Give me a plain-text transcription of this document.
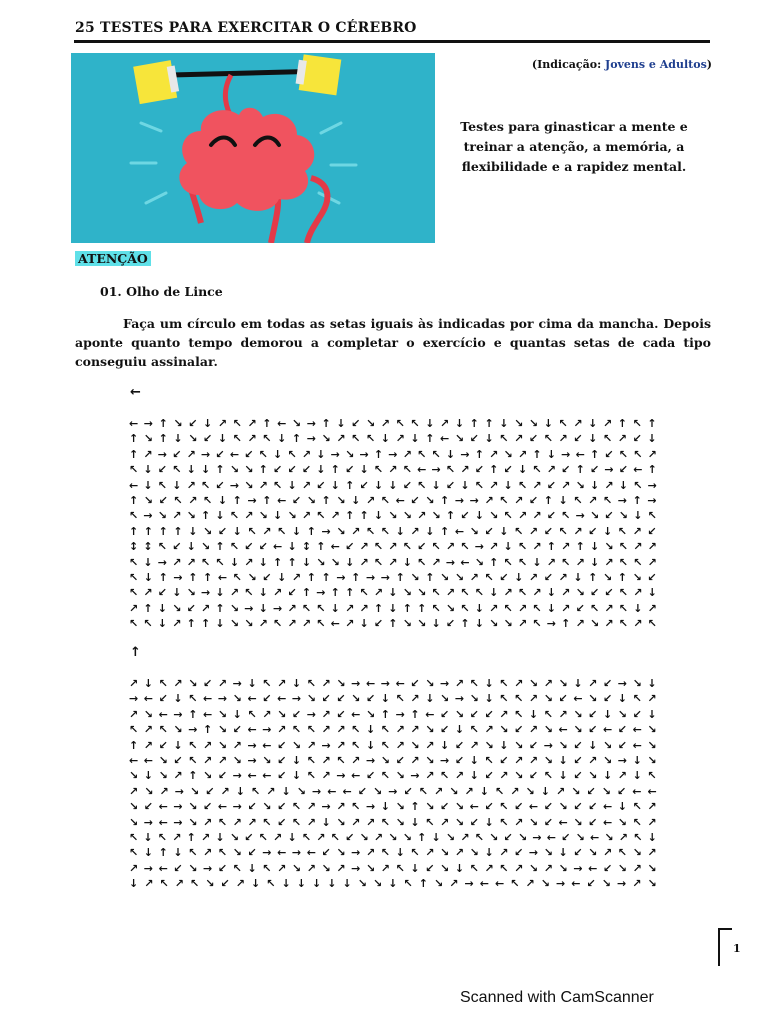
25 TESTES PARA EXERCITAR O CÉREBRO
(Indicação: Jovens e Adultos)
Testes para ginasticar a mente e treinar a atenção, a memória, a flexibilidade e a rapidez mental.
ATENÇÃO
01. Olho de Lince
Faça um círculo em todas as setas iguais às indicadas por cima da mancha. Depois aponte quanto tempo demorou a completar o exercício e quantas setas de cada tipo conseguiu assinalar.
←
← → ↑ ↘ ↙ ↓ ↗ ↖ ↗ ↑ ← ↘ → ↑ ↓ ↙ ↘ ↗ ↖ ↖ ↓ ↗ ↓ ↑ ↑ ↓ ↘ ↘ ↓ ↖ ↗ ↓ ↗ ↑ ↖ ↑
↑ ↘ ↑ ↓ ↘ ↙ ↓ ↖ ↗ ↖ ↓ ↑ → ↘ ↗ ↖ ↖ ↓ ↗ ↓ ↑ ← ↘ ↙ ↓ ↖ ↗ ↙ ↖ ↗ ↙ ↓ ↖ ↗ ↙ ↓
↑ ↗ → ↙ ↗ → ↙ ← ↙ ↖ ↓ ↖ ↗ ↓ → ↘ → ↑ → ↗ ↖ ↖ ↓ → ↑ ↗ ↘ ↗ ↑ ↓ → ← ↑ ↙ ↖ ↖ ↗
↖ ↓ ↙ ↖ ↓ ↓ ↑ ↘ ↘ ↑ ↙ ↙ ↙ ↓ ↑ ↙ ↓ ↖ ↗ ↖ ← → ↖ ↗ ↙ ↑ ↙ ↓ ↖ ↗ ↙ ↑ ↙ → ↙ ← ↑
← ↓ ↖ ↓ ↗ ↖ ↙ → ↘ ↗ ↖ ↓ ↗ ↙ ↓ ↑ ↙ ↓ ↓ ↙ ↖ ↓ ↙ ↓ ↖ ↗ ↓ ↖ ↗ ↙ ↗ ↘ ↓ ↗ ↓ ↖ →
↑ ↘ ↙ ↖ ↗ ↖ ↓ ↑ → ↑ ← ↙ ↘ ↑ ↘ ↓ ↗ ↖ ← ↙ ↘ ↑ → → ↗ ↖ ↗ ↙ ↑ ↓ ↖ ↗ ↖ → ↑ →
↖ → ↘ ↗ ↘ ↑ ↓ ↖ ↗ ↘ ↓ ↘ ↗ ↖ ↗ ↑ ↑ ↓ ↘ ↘ ↗ ↘ ↑ ↙ ↓ ↘ ↖ ↗ ↗ ↙ ↖ → ↘ ↙ ↘ ↓ ↖
↑ ↑ ↑ ↑ ↓ ↘ ↙ ↓ ↖ ↗ ↖ ↓ ↑ → ↘ ↗ ↖ ↖ ↓ ↗ ↓ ↑ ← ↘ ↙ ↓ ↖ ↗ ↙ ↖ ↗ ↙ ↓ ↖ ↗ ↙
↕ ↕ ↖ ↙ ↓ ↘ ↑ ↖ ↙ ↙ ← ↓ ↕ ↑ ← ↙ ↗ ↖ ↗ ↖ ↙ ↖ ↗ ↖ → ↗ ↓ ↖ ↗ ↑ ↗ ↑ ↓ ↘ ↖ ↗ ↗
↖ ↓ → ↗ ↗ ↖ ↖ ↓ ↗ ↓ ↑ ↑ ↓ ↘ ↘ ↓ ↗ ↖ ↗ ↓ ↖ ↗ → ← ↘ ↑ ↖ ↖ ↓ ↗ ↖ ↗ ↓ ↗ ↖ ↖ ↗
↖ ↓ ↑ → ↑ ↑ ← ↖ ↘ ↙ ↓ ↗ ↑ ↑ → ↑ → → ↑ ↘ ↑ ↘ ↘ ↗ ↖ ↙ ↓ ↗ ↙ ↗ ↓ ↑ ↘ ↑ ↘ ↙
↖ ↗ ↙ ↓ ↘ → ↓ ↗ ↖ ↓ ↗ ↙ ↑ → ↑ ↑ ↖ ↗ ↓ ↘ ↘ ↖ ↗ ↖ ↖ ↓ ↗ ↖ ↗ ↓ ↗ ↘ ↙ ↙ ↖ ↗ ↓
↗ ↑ ↓ ↘ ↙ ↗ ↑ ↘ → ↓ → ↗ ↖ ↖ ↓ ↗ ↗ ↑ ↓ ↑ ↑ ↖ ↘ ↖ ↓ ↗ ↖ ↗ ↖ ↓ ↗ ↙ ↖ ↗ ↖ ↓ ↗
↖ ↖ ↓ ↗ ↑ ↑ ↓ ↘ ↘ ↗ ↖ ↗ ↗ ↖ ← ↗ ↓ ↙ ↑ ↘ ↘ ↓ ↙ ↑ ↓ ↘ ↘ ↗ ↖ → ↑ ↗ ↘ ↗ ↖ ↗ ↖
↑
↗ ↓ ↖ ↗ ↘ ↙ ↗ → ↓ ↖ ↗ ↓ ↖ ↗ ↘ → ← → ← ↙ ↘ → ↗ ↖ ↓ ↖ ↗ ↘ ↗ ↘ ↓ ↗ ↙ → ↘ ↓
→ ← ↙ ↓ ↖ ← → ↘ ← ↙ ← → ↘ ↙ ↙ ↘ ↙ ↓ ↖ ↗ ↓ ↘ → ↘ ↓ ↖ ↖ ↗ ↘ ↙ ← ↘ ↙ ↓ ↖ ↗
↗ ↘ ← → ↑ ← ↘ ↓ ↖ ↗ ↘ ↙ → ↗ ↙ ← ↘ ↑ → ↑ ← ↙ ↘ ↙ ↙ ↗ ↖ ↓ ↖ ↗ ↘ ↙ ↓ ↘ ↙ ↓
↖ ↗ ↖ ↘ → ↑ ↘ ↙ ← → ↗ ↖ ↖ ↗ ↗ ↖ ↓ ↖ ↗ ↗ ↘ ↙ ↓ ↖ ↗ ↘ ↙ ↗ ↘ ← ↘ ↙ ← ↙ ← ↘
↑ ↗ ↙ ↓ ↖ ↗ ↘ ↗ → ← ↙ ↘ ↗ → ↗ ↖ ↓ ↖ ↗ ↘ ↗ ↓ ↙ ↗ ↘ ↓ ↘ ↙ → ↘ ↙ ↓ ↘ ↙ ← ↘
← ← ↘ ↙ ↖ ↗ ↗ ↘ → ↘ ↙ ↓ ↖ ↗ ↖ ↗ → ↘ ↙ ↗ ↘ → ↙ ↓ ↖ ↙ ↗ ↗ ↘ ↓ ↙ ↗ ↘ → ↓ ↘
↘ ↓ ↘ ↗ ↑ ↘ ↙ → ← ← ↙ ↓ ↖ ↗ → ← ↙ ↖ ↘ → ↗ ↖ ↗ ↓ ↙ ↗ ↘ ↙ ↖ ↓ ↙ ↘ ↓ ↗ ↓ ↖
↗ ↘ ↗ → ↘ ↙ ↗ ↓ ↖ ↗ ↓ ↘ → ← ← ↙ ↘ → ↙ ↖ ↗ ↘ ↗ ↓ ↖ ↗ ↘ ↓ ↗ ↘ ↙ ↘ ↙ ← ←
↘ ↙ ← → ↘ ↙ ← → ↙ ↘ ↙ ↖ ↗ → ↗ ↖ → ↓ ↘ ↑ ↘ ↙ ↘ ← ↙ ↖ ↙ ← ↙ ↘ ↙ ↙ ← ↓ ↖ ↗
↘ → ← → ↘ ↗ ↖ ↗ ↗ ↖ ↙ ↖ ↗ ↓ ↘ ↗ ↗ ↖ ↘ ↓ ↖ ↗ ↘ ↙ ↓ ↖ ↗ ↘ ↙ ← ↘ ↙ ← ↘ ↖ ↗
↖ ↓ ↖ ↗ ↑ ↗ ↓ ↘ ↙ ↖ ↗ ↓ ↖ ↗ ↖ ↙ ↘ ↗ ↘ ↘ ↑ ↓ ↘ ↗ ↖ ↘ ↙ ↘ → ← ↙ ↘ ← ↘ ↗ ↖ ↓
↖ ↓ ↑ ↓ ↖ ↗ ↖ ↘ ↙ → ← → ← ↙ ↘ → ↗ ↖ ↓ ↖ ↗ ↘ ↗ ↘ ↓ ↗ ↙ → ↘ ↓ ↙ ↘ ↗ ↖ ↘ ↗
↗ → ← ↙ ↘ → ↙ ↖ ↓ ↖ ↗ ↘ ↗ ↘ ↗ → ↘ ↗ ↖ ↓ ↙ ↘ ↓ ↖ ↗ ↖ ↗ ↘ ↗ ↘ → ← ↙ ↘ ↗ ↘
↓ ↗ ↖ ↗ ↖ ↘ ↙ ↗ ↓ ↖ ↓ ↓ ↓ ↓ ↓ ↘ ↘ ↓ ↖ ↑ ↘ ↗ → ← ← ↖ ↗ ↘ → ← ↙ ↘ → ↗ ↘
1
Scanned with CamScanner
